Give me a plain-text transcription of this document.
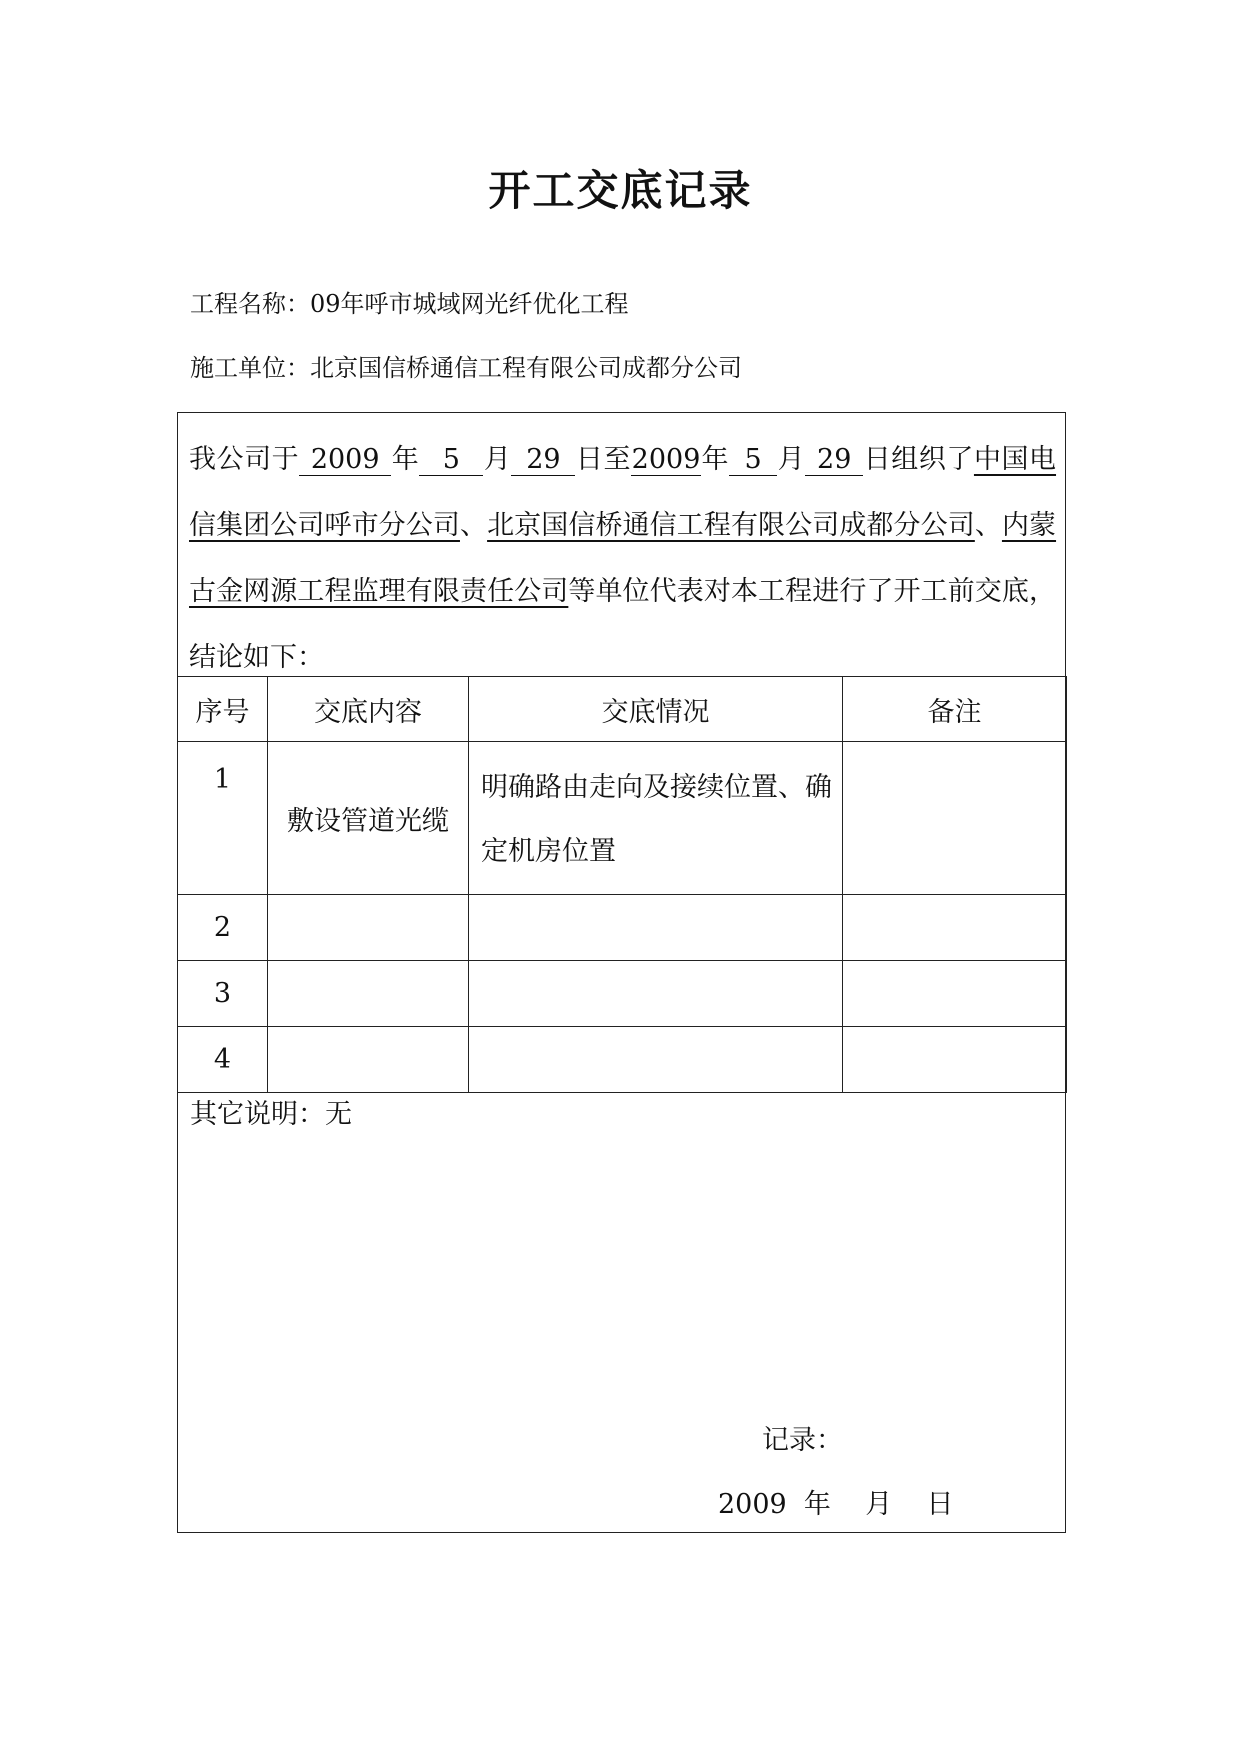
开工交底记录
工程名称：09年呼市城域网光纤优化工程
施工单位：北京国信桥通信工程有限公司成都分公司
我公司于 2009 年 5 月 29 日至2009年 5 月 29 日组织了中国电信集团公司呼市分公司、北京国信桥通信工程有限公司成都分公司、内蒙古金网源工程监理有限责任公司等单位代表对本工程进行了开工前交底，结论如下：
序号	交底内容	交底情况	备注
1	敷设管道光缆	明确路由走向及接续位置、确定机房位置	
2			
3			
4			
其它说明：无
记录：
2009  年    月    日
